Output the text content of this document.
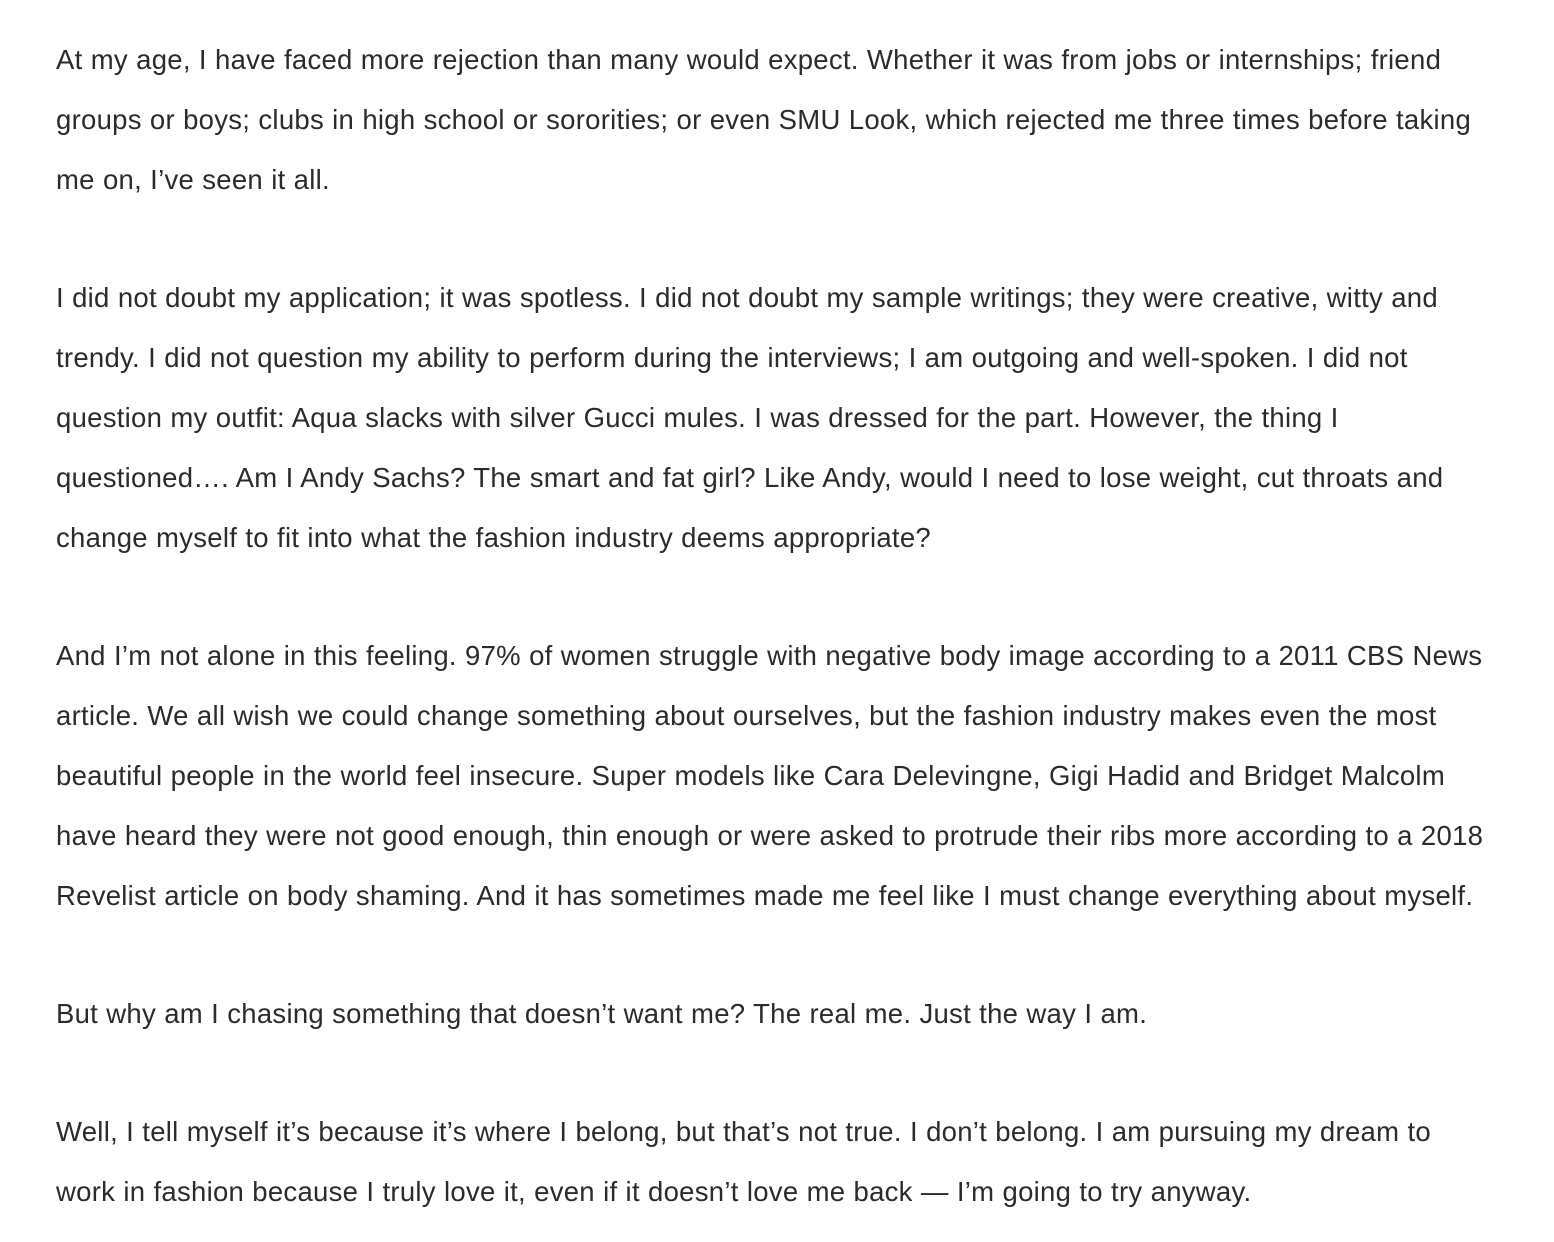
At my age, I have faced more rejection than many would expect. Whether it was from jobs or internships; friend groups or boys; clubs in high school or sororities; or even SMU Look, which rejected me three times before taking me on, I’ve seen it all.

I did not doubt my application; it was spotless. I did not doubt my sample writings; they were creative, witty and trendy. I did not question my ability to perform during the interviews; I am outgoing and well-spoken. I did not question my outfit: Aqua slacks with silver Gucci mules. I was dressed for the part. However, the thing I questioned…. Am I Andy Sachs? The smart and fat girl? Like Andy, would I need to lose weight, cut throats and change myself to fit into what the fashion industry deems appropriate?

And I’m not alone in this feeling. 97% of women struggle with negative body image according to a 2011 CBS News article. We all wish we could change something about ourselves, but the fashion industry makes even the most beautiful people in the world feel insecure. Super models like Cara Delevingne, Gigi Hadid and Bridget Malcolm have heard they were not good enough, thin enough or were asked to protrude their ribs more according to a 2018 Revelist article on body shaming. And it has sometimes made me feel like I must change everything about myself.

But why am I chasing something that doesn’t want me? The real me. Just the way I am.

Well, I tell myself it’s because it’s where I belong, but that’s not true. I don’t belong. I am pursuing my dream to work in fashion because I truly love it, even if it doesn’t love me back — I’m going to try anyway.
